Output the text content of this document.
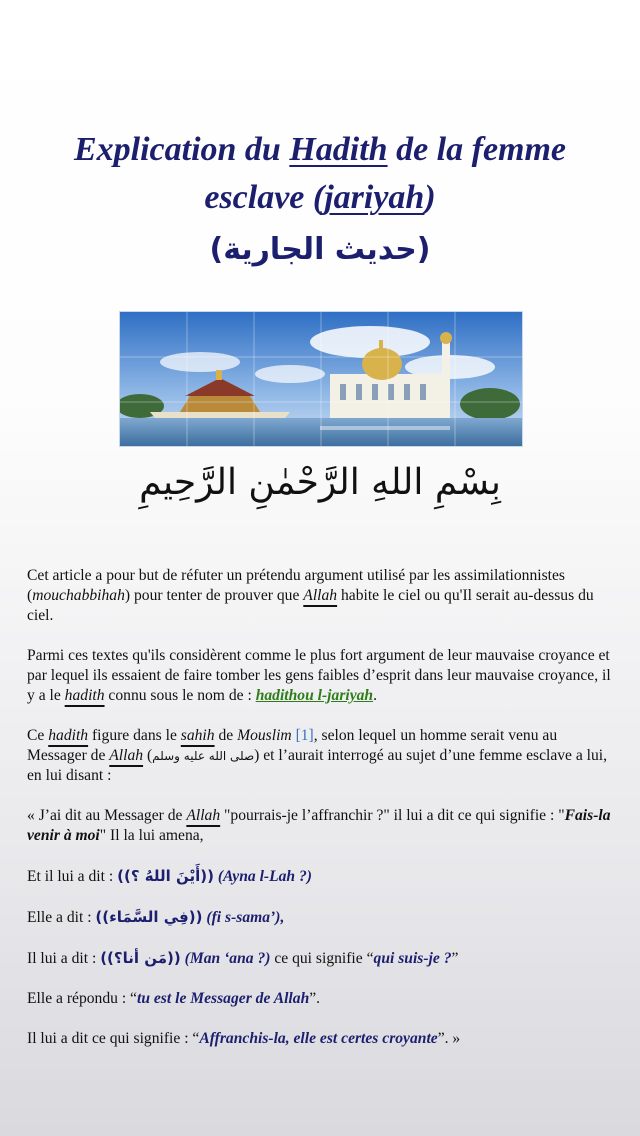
Explication du Hadith de la femme esclave (jariyah)
(حديث الجارية)
بِسْمِ اللهِ الرَّحْمٰنِ الرَّحِيمِ

Cet article a pour but de réfuter un prétendu argument utilisé par les assimilationnistes (mouchabbihah) pour tenter de prouver que Allah habite le ciel ou qu'Il serait au-dessus du ciel.

Parmi ces textes qu'ils considèrent comme le plus fort argument de leur mauvaise croyance et par lequel ils essaient de faire tomber les gens faibles d’esprit dans leur mauvaise croyance, il y a le hadith connu sous le nom de : hadithou l-jariyah.

Ce hadith figure dans le sahih de Mouslim [1], selon lequel un homme serait venu au Messager de Allah (صلى الله عليه وسلم) et l’aurait interrogé au sujet d’une femme esclave a lui, en lui disant :

« J’ai dit au Messager de Allah "pourrais-je l’affranchir ?" il lui a dit ce qui signifie : "Fais-la venir à moi" Il la lui amena,

Et il lui a dit : ((أَيْنَ اللهُ ؟)) (Ayna l-Lah ?)

Elle a dit : ((فِي السَّمَاء)) (fi s-sama’),

Il lui a dit : ((مَن أنا؟)) (Man ‘ana ?) ce qui signifie “qui suis-je ?”

Elle a répondu : “tu est le Messager de Allah”.

Il lui a dit ce qui signifie : “Affranchis-la, elle est certes croyante”. »
